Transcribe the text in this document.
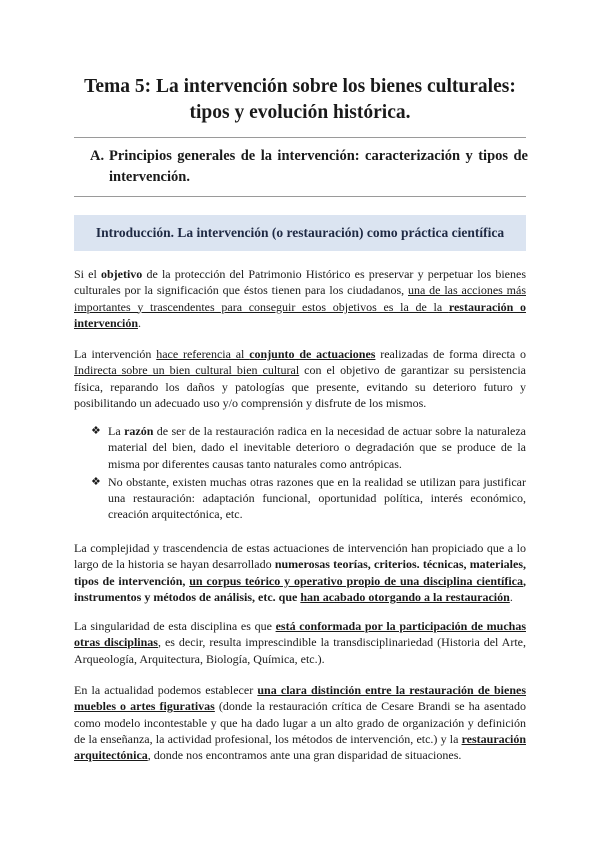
Tema 5: La intervención sobre los bienes culturales:
tipos y evolución histórica.
A. Principios generales de la intervención: caracterización y tipos de intervención.
Introducción. La intervención (o restauración) como práctica científica
Si el objetivo de la protección del Patrimonio Histórico es preservar y perpetuar los bienes culturales por la significación que éstos tienen para los ciudadanos, una de las acciones más importantes y trascendentes para conseguir estos objetivos es la de la restauración o intervención.
La intervención hace referencia al conjunto de actuaciones realizadas de forma directa o Indirecta sobre un bien cultural bien cultural con el objetivo de garantizar su persistencia física, reparando los daños y patologías que presente, evitando su deterioro futuro y posibilitando un adecuado uso y/o comprensión y disfrute de los mismos.
❖ La razón de ser de la restauración radica en la necesidad de actuar sobre la naturaleza material del bien, dado el inevitable deterioro o degradación que se produce de la misma por diferentes causas tanto naturales como antrópicas.
❖ No obstante, existen muchas otras razones que en la realidad se utilizan para justificar una restauración: adaptación funcional, oportunidad política, interés económico, creación arquitectónica, etc.
La complejidad y trascendencia de estas actuaciones de intervención han propiciado que a lo largo de la historia se hayan desarrollado numerosas teorías, criterios. técnicas, materiales, tipos de intervención, un corpus teórico y operativo propio de una disciplina científica, instrumentos y métodos de análisis, etc. que han acabado otorgando a la restauración.
La singularidad de esta disciplina es que está conformada por la participación de muchas otras disciplinas, es decir, resulta imprescindible la transdisciplinariedad (Historia del Arte, Arqueología, Arquitectura, Biología, Química, etc.).
En la actualidad podemos establecer una clara distinción entre la restauración de bienes muebles o artes figurativas (donde la restauración crítica de Cesare Brandi se ha asentado como modelo incontestable y que ha dado lugar a un alto grado de organización y definición de la enseñanza, la actividad profesional, los métodos de intervención, etc.) y la restauración arquitectónica, donde nos encontramos ante una gran disparidad de situaciones.
